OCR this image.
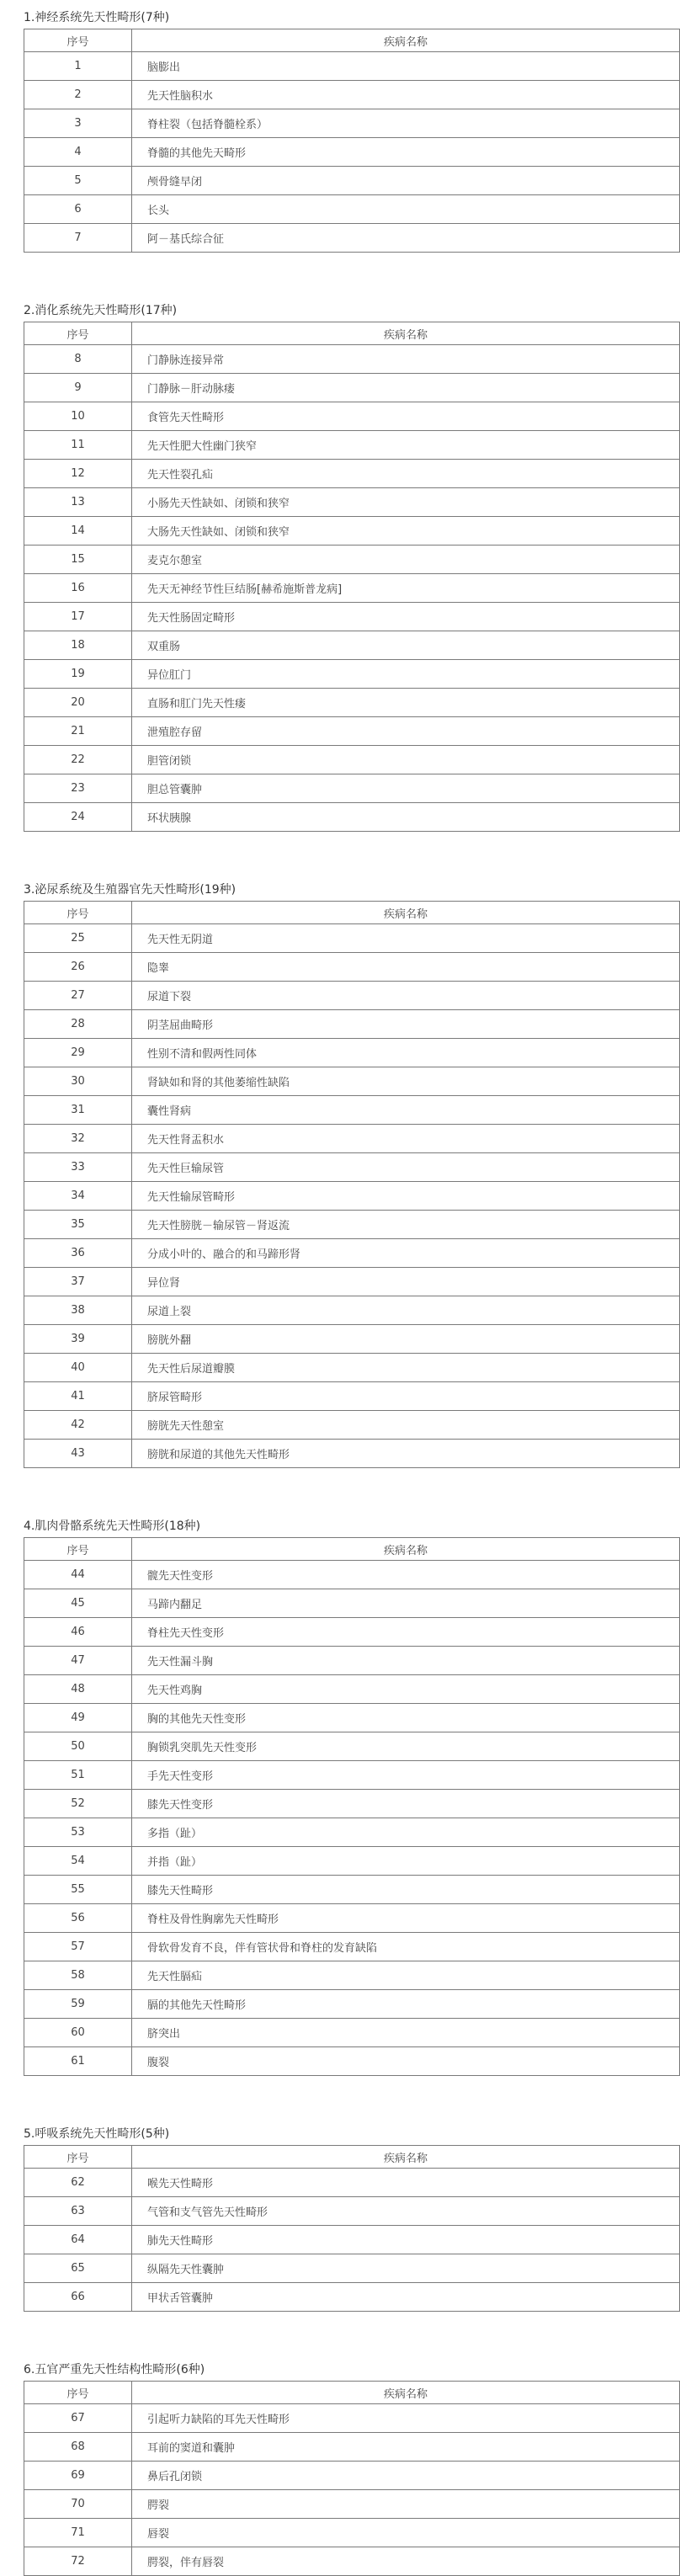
1.神经系统先天性畸形(7种)
序号	疾病名称
1	脑膨出
2	先天性脑积水
3	脊柱裂（包括脊髓栓系）
4	脊髓的其他先天畸形
5	颅骨缝早闭
6	长头
7	阿－基氏综合征
2.消化系统先天性畸形(17种)
序号	疾病名称
8	门静脉连接异常
9	门静脉－肝动脉瘘
10	食管先天性畸形
11	先天性肥大性幽门狭窄
12	先天性裂孔疝
13	小肠先天性缺如、闭锁和狭窄
14	大肠先天性缺如、闭锁和狭窄
15	麦克尔憩室
16	先天无神经节性巨结肠[赫希施斯普龙病]
17	先天性肠固定畸形
18	双重肠
19	异位肛门
20	直肠和肛门先天性瘘
21	泄殖腔存留
22	胆管闭锁
23	胆总管囊肿
24	环状胰腺
3.泌尿系统及生殖器官先天性畸形(19种)
序号	疾病名称
25	先天性无阴道
26	隐睾
27	尿道下裂
28	阴茎屈曲畸形
29	性别不清和假两性同体
30	肾缺如和肾的其他萎缩性缺陷
31	囊性肾病
32	先天性肾盂积水
33	先天性巨输尿管
34	先天性输尿管畸形
35	先天性膀胱－输尿管－肾返流
36	分成小叶的、融合的和马蹄形肾
37	异位肾
38	尿道上裂
39	膀胱外翻
40	先天性后尿道瓣膜
41	脐尿管畸形
42	膀胱先天性憩室
43	膀胱和尿道的其他先天性畸形
4.肌肉骨骼系统先天性畸形(18种)
序号	疾病名称
44	髋先天性变形
45	马蹄内翻足
46	脊柱先天性变形
47	先天性漏斗胸
48	先天性鸡胸
49	胸的其他先天性变形
50	胸锁乳突肌先天性变形
51	手先天性变形
52	膝先天性变形
53	多指（趾）
54	并指（趾）
55	膝先天性畸形
56	脊柱及骨性胸廓先天性畸形
57	骨软骨发育不良，伴有管状骨和脊柱的发育缺陷
58	先天性膈疝
59	膈的其他先天性畸形
60	脐突出
61	腹裂
5.呼吸系统先天性畸形(5种)
序号	疾病名称
62	喉先天性畸形
63	气管和支气管先天性畸形
64	肺先天性畸形
65	纵隔先天性囊肿
66	甲状舌管囊肿
6.五官严重先天性结构性畸形(6种)
序号	疾病名称
67	引起听力缺陷的耳先天性畸形
68	耳前的窦道和囊肿
69	鼻后孔闭锁
70	腭裂
71	唇裂
72	腭裂，伴有唇裂
